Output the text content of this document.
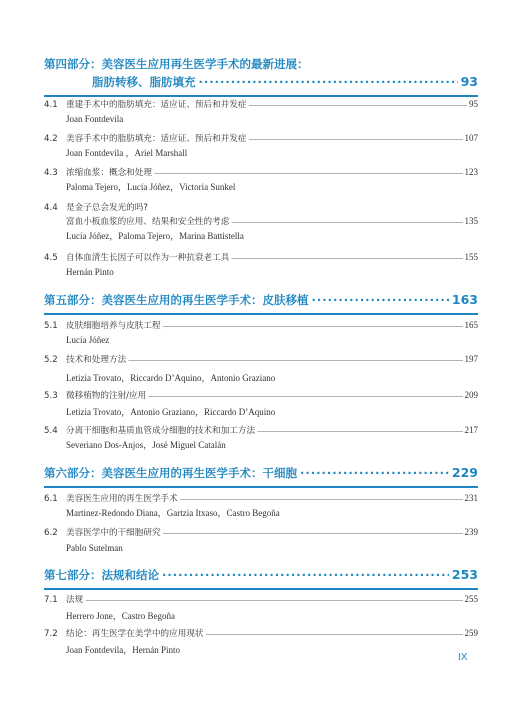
第四部分：美容医生应用再生医学手术的最新进展：
脂肪转移、脂肪填充 ·····	93
4.1 重建手术中的脂肪填充：适应证、预后和并发症 —————	95
Joan Fontdevila
4.2 美容手术中的脂肪填充：适应证、预后和并发症 —————	107
Joan Fontdevila ，Ariel Marshall
4.3 浓缩血浆：概念和处理 —————	123
Paloma Tejero，Lucía Jóñez，Victoria Sunkel
4.4 是金子总会发光的吗?
富血小板血浆的应用、结果和安全性的考虑 —————	135
Lucía Jóñez，Paloma Tejero，Marina Battistella
4.5 自体血清生长因子可以作为一种抗衰老工具 —————	155
Hernán Pinto
第五部分：美容医生应用的再生医学手术：皮肤移植 ·····	163
5.1 皮肤细胞培养与皮肤工程 —————	165
Lucía Jóñez
5.2 技术和处理方法 —————	197
Letizia Trovato，Riccardo D’Aquino，Antonio Graziano
5.3 微移植物的注射/应用 —————	209
Letizia Trovato，Antonio Graziano，Riccardo D’Aquino
5.4 分离干细胞和基质血管成分细胞的技术和加工方法 —————	217
Severiano Dos-Anjos，José Miguel Catalán
第六部分：美容医生应用的再生医学手术：干细胞 ·····	229
6.1 美容医生应用的再生医学手术 —————	231
Martinez-Redondo Diana，Gartzia Itxaso，Castro Begoña
6.2 美容医学中的干细胞研究 —————	239
Pablo Sutelman
第七部分：法规和结论 ·····	253
7.1 法规 —————	255
Herrero Jone，Castro Begoña
7.2 结论：再生医学在美学中的应用现状 —————	259
Joan Fontdevila，Hernán Pinto
IX
